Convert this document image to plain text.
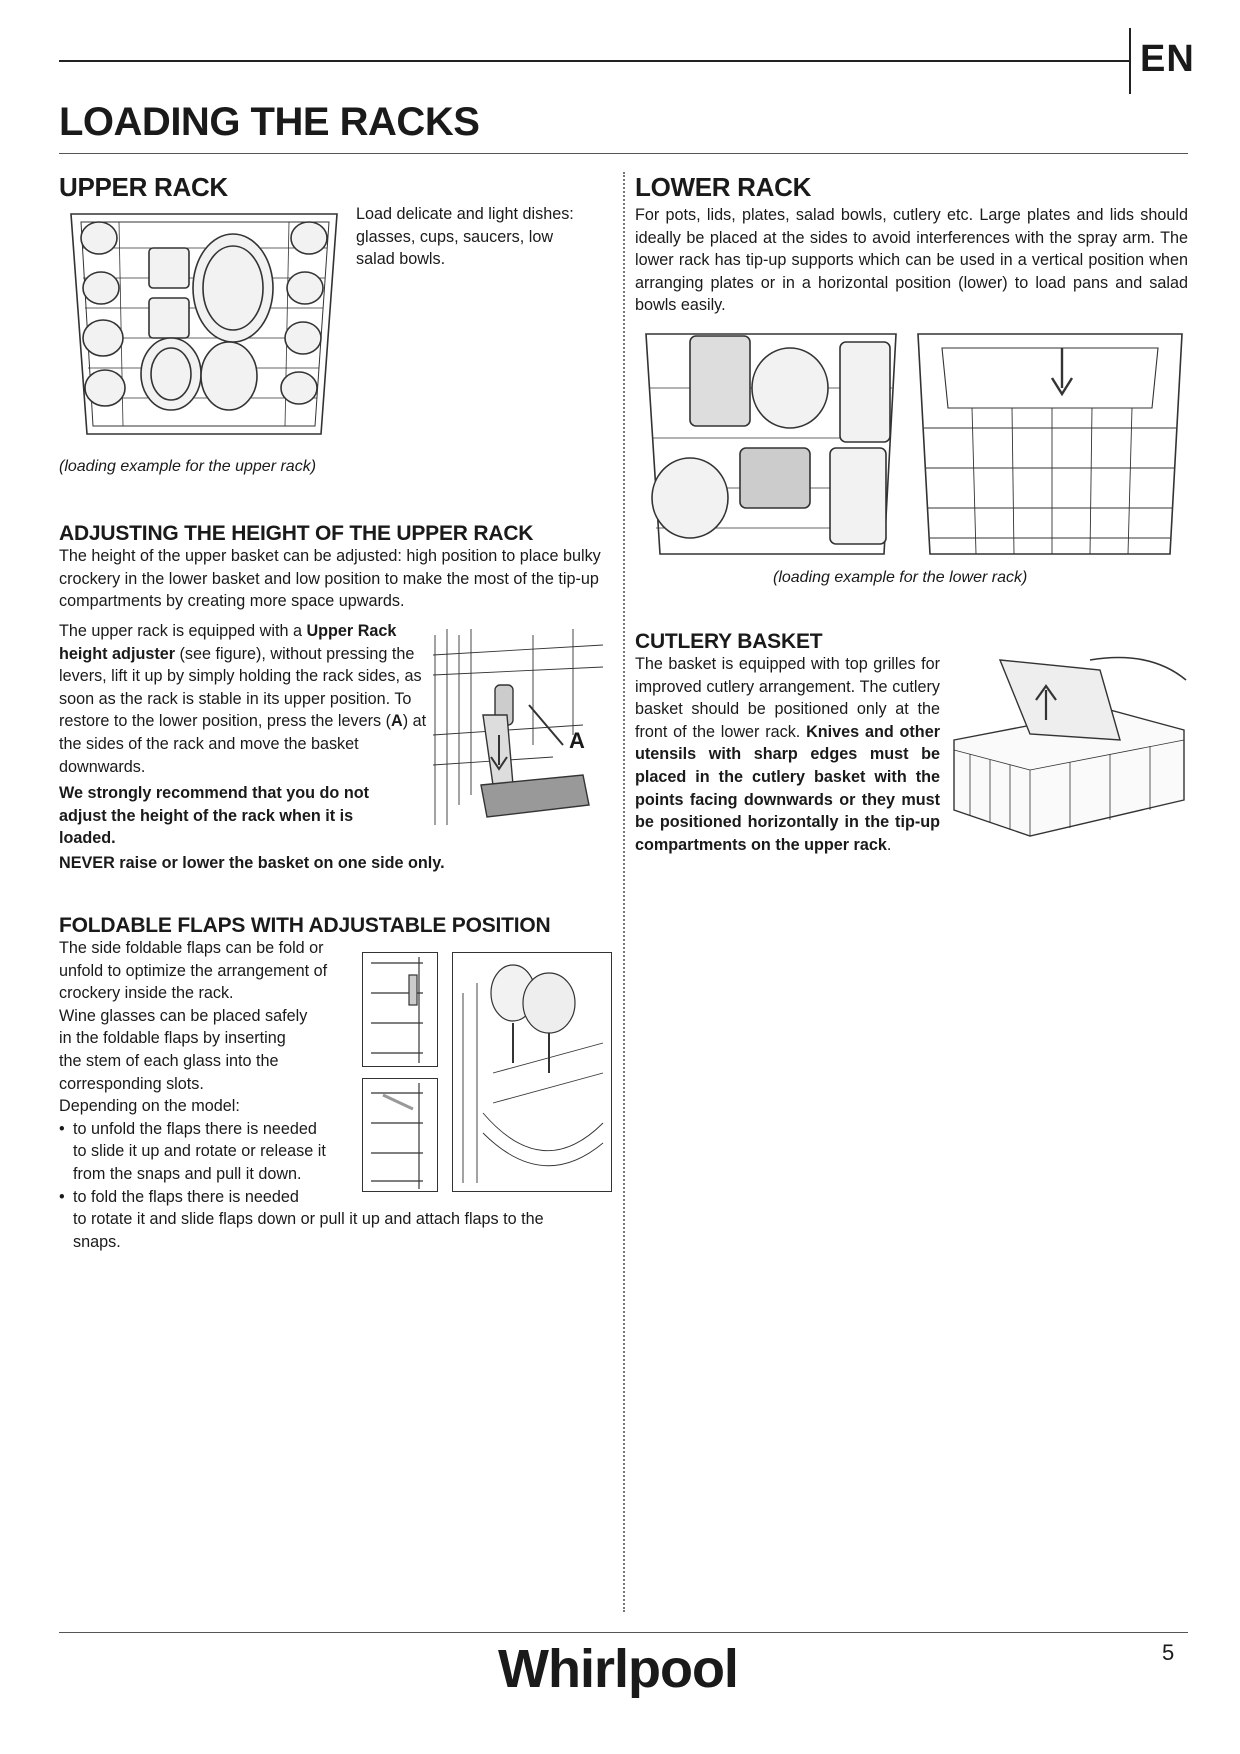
EN
LOADING THE RACKS
UPPER RACK
Load delicate and light dishes: glasses, cups, saucers, low salad bowls.
(loading example for the upper rack)
ADJUSTING THE HEIGHT OF THE UPPER RACK
The height of the upper basket can be adjusted: high position to place bulky crockery in the lower basket and low position to make the most of the tip-up compartments by creating more space upwards.
The upper rack is equipped with a Upper Rack height adjuster (see figure), without pressing the levers, lift it up by simply holding the rack sides, as soon as the rack is stable in its upper position. To restore to the lower position, press the levers (A) at the sides of the rack and move the basket downwards.
A
We strongly recommend that you do not adjust the height of the rack when it is loaded.
NEVER raise or lower the basket on one side only.
FOLDABLE FLAPS WITH ADJUSTABLE POSITION
The side foldable flaps can be fold or
unfold to optimize the arrangement of
crockery inside the rack.
Wine glasses can be placed safely
in the foldable flaps by inserting
the stem of each glass into the
corresponding slots.
Depending on the model:
• to unfold the flaps there is needed
to slide it up and rotate or release it
from the snaps and pull it down.
• to fold the flaps there is needed
to rotate it and slide flaps down or pull it up and attach flaps to the
snaps.
LOWER RACK
For pots, lids, plates, salad bowls, cutlery etc. Large plates and lids should ideally be placed at the sides to avoid interferences with the spray arm. The lower rack has tip-up supports which can be used in a vertical position when arranging plates or in a horizontal position (lower) to load pans and salad bowls easily.
(loading example for the lower rack)
CUTLERY BASKET
The basket is equipped with top grilles for improved cutlery arrangement. The cutlery basket should be positioned only at the front of the lower rack. Knives and other utensils with sharp edges must be placed in the cutlery basket with the points facing downwards or they must be positioned horizontally in the tip-up compartments on the upper rack.
Whirlpool	5
